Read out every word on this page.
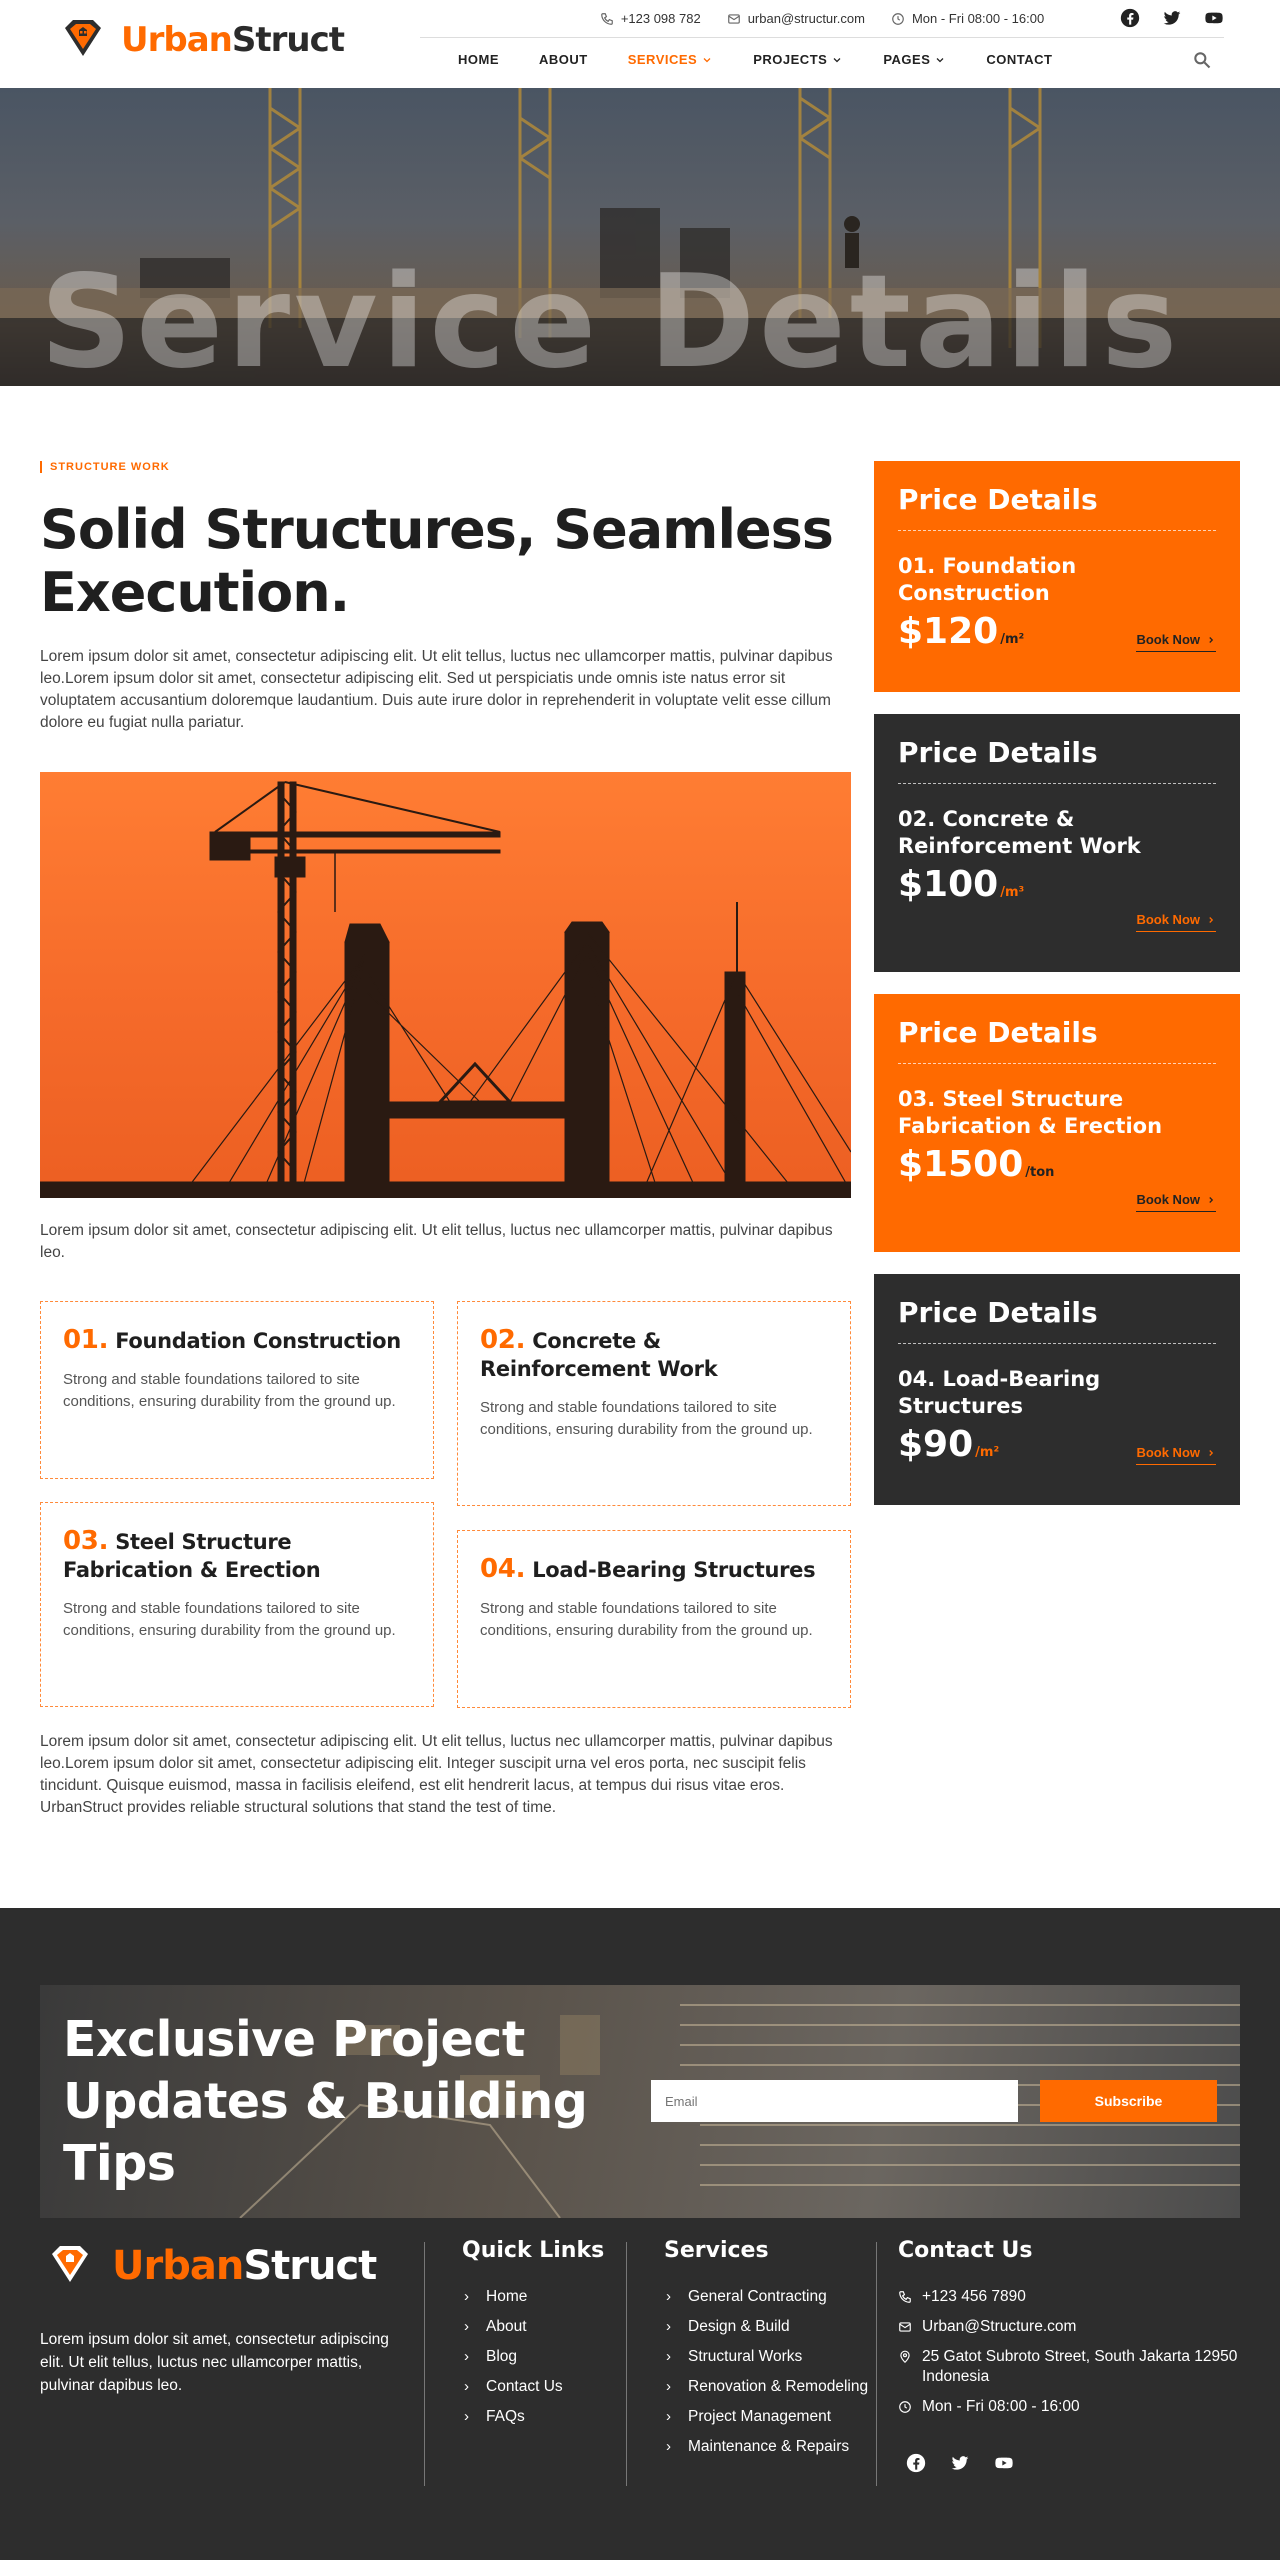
UrbanStruct
+123 098 782	urban@structur.com	Mon - Fri 08:00 - 16:00
HOME	ABOUT	SERVICES	PROJECTS	PAGES	CONTACT
Service Details
STRUCTURE WORK
Solid Structures, Seamless Execution.
Lorem ipsum dolor sit amet, consectetur adipiscing elit. Ut elit tellus, luctus nec ullamcorper mattis, pulvinar dapibus leo.Lorem ipsum dolor sit amet, consectetur adipiscing elit. Sed ut perspiciatis unde omnis iste natus error sit voluptatem accusantium doloremque laudantium. Duis aute irure dolor in reprehenderit in voluptate velit esse cillum dolore eu fugiat nulla pariatur.
Lorem ipsum dolor sit amet, consectetur adipiscing elit. Ut elit tellus, luctus nec ullamcorper mattis, pulvinar dapibus leo.
01. Foundation Construction
Strong and stable foundations tailored to site conditions, ensuring durability from the ground up.
02. Concrete & Reinforcement Work
Strong and stable foundations tailored to site conditions, ensuring durability from the ground up.
03. Steel Structure Fabrication & Erection
Strong and stable foundations tailored to site conditions, ensuring durability from the ground up.
04. Load-Bearing Structures
Strong and stable foundations tailored to site conditions, ensuring durability from the ground up.
Lorem ipsum dolor sit amet, consectetur adipiscing elit. Ut elit tellus, luctus nec ullamcorper mattis, pulvinar dapibus leo.Lorem ipsum dolor sit amet, consectetur adipiscing elit. Integer suscipit urna vel eros porta, nec suscipit felis tincidunt. Quisque euismod, massa in facilisis eleifend, est elit hendrerit lacus, at tempus dui risus vitae eros. UrbanStruct provides reliable structural solutions that stand the test of time.
Price Details
01. Foundation Construction
$120 /m²	Book Now
Price Details
02. Concrete & Reinforcement Work
$100 /m³
Book Now
Price Details
03. Steel Structure Fabrication & Erection
$1500 /ton
Book Now
Price Details
04. Load-Bearing Structures
$90 /m²	Book Now
Exclusive Project Updates & Building Tips
Email
Subscribe
UrbanStruct
Lorem ipsum dolor sit amet, consectetur adipiscing elit. Ut elit tellus, luctus nec ullamcorper mattis, pulvinar dapibus leo.
Quick Links
›	Home
›	About
›	Blog
›	Contact Us
›	FAQs
Services
›	General Contracting
›	Design & Build
›	Structural Works
›	Renovation & Remodeling
›	Project Management
›	Maintenance & Repairs
Contact Us
+123 456 7890
Urban@Structure.com
25 Gatot Subroto Street, South Jakarta 12950 Indonesia
Mon - Fri 08:00 - 16:00
